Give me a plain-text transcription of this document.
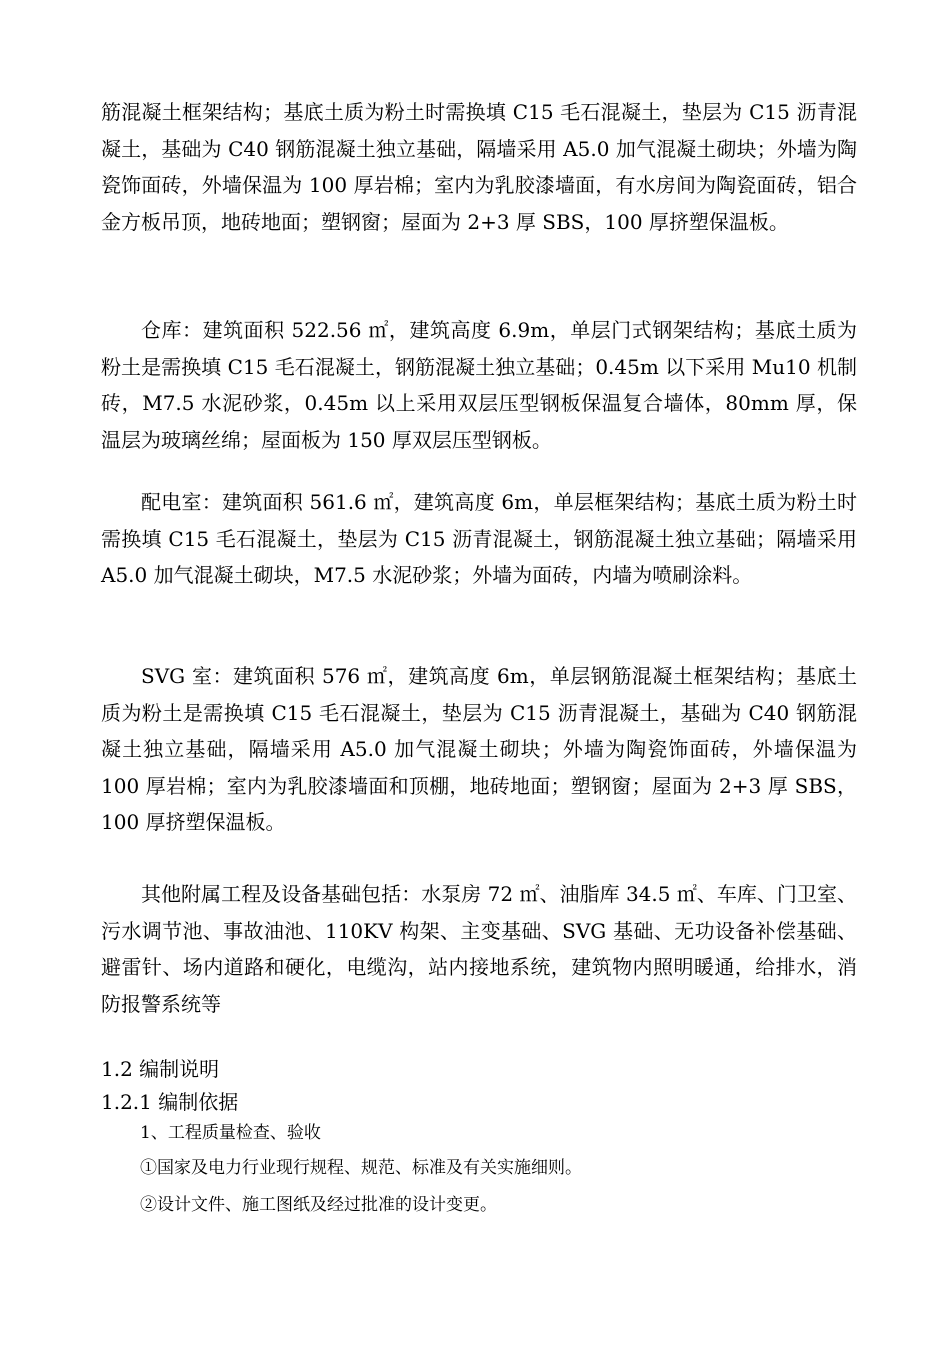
筋混凝土框架结构；基底土质为粉土时需换填 C15 毛石混凝土，垫层为 C15 沥青混凝土，基础为 C40 钢筋混凝土独立基础，隔墙采用 A5.0 加气混凝土砌块；外墙为陶瓷饰面砖，外墙保温为 100 厚岩棉；室内为乳胶漆墙面，有水房间为陶瓷面砖，铝合金方板吊顶，地砖地面；塑钢窗；屋面为 2+3 厚 SBS，100 厚挤塑保温板。

仓库：建筑面积 522.56 ㎡，建筑高度 6.9m，单层门式钢架结构；基底土质为粉土是需换填 C15 毛石混凝土，钢筋混凝土独立基础；0.45m 以下采用 Mu10 机制砖，M7.5 水泥砂浆，0.45m 以上采用双层压型钢板保温复合墙体，80mm 厚，保温层为玻璃丝绵；屋面板为 150 厚双层压型钢板。

配电室：建筑面积 561.6 ㎡，建筑高度 6m，单层框架结构；基底土质为粉土时需换填 C15 毛石混凝土，垫层为 C15 沥青混凝土，钢筋混凝土独立基础；隔墙采用 A5.0 加气混凝土砌块，M7.5 水泥砂浆；外墙为面砖，内墙为喷刷涂料。

SVG 室：建筑面积 576 ㎡，建筑高度 6m，单层钢筋混凝土框架结构；基底土质为粉土是需换填 C15 毛石混凝土，垫层为 C15 沥青混凝土，基础为 C40 钢筋混凝土独立基础，隔墙采用 A5.0 加气混凝土砌块；外墙为陶瓷饰面砖，外墙保温为 100 厚岩棉；室内为乳胶漆墙面和顶棚，地砖地面；塑钢窗；屋面为 2+3 厚 SBS，100 厚挤塑保温板。

其他附属工程及设备基础包括：水泵房 72 ㎡、油脂库 34.5 ㎡、车库、门卫室、污水调节池、事故油池、110KV 构架、主变基础、SVG 基础、无功设备补偿基础、避雷针、场内道路和硬化，电缆沟，站内接地系统，建筑物内照明暖通，给排水，消防报警系统等

1.2 编制说明

1.2.1 编制依据

1、工程质量检查、验收

①国家及电力行业现行规程、规范、标准及有关实施细则。

②设计文件、施工图纸及经过批准的设计变更。
